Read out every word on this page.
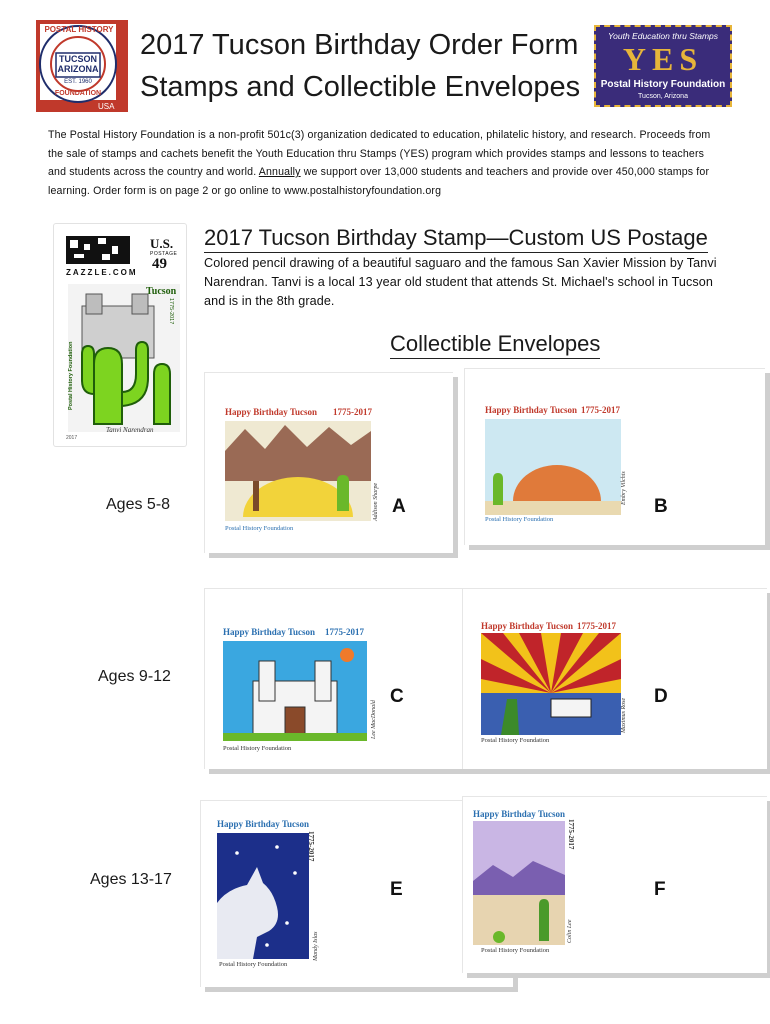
POSTAL HISTORY
TUCSON
ARIZONA
EST. 1960
FOUNDATION
USA
2017 Tucson Birthday Order Form
Stamps and Collectible Envelopes
Youth Education thru Stamps
YES
Postal History Foundation
Tucson, Arizona
The Postal History Foundation is a non-profit 501c(3) organization dedicated to education, philatelic history, and research. Proceeds from the sale of stamps and cachets benefit the Youth Education thru Stamps (YES) program which provides stamps and lessons to teachers and students across the country and world. Annually we support over 13,000 students and teachers and provide over 450,000 stamps for learning. Order form is on page 2 or go online to www.postalhistoryfoundation.org
U.S.
POSTAGE
49
ZAZZLE.COM
Tucson
1775-2017
Postal History Foundation
Tanvi Narendran
2017
2017 Tucson Birthday Stamp—Custom US Postage
Colored pencil drawing of a beautiful saguaro and the famous San Xavier Mission by Tanvi Narendran. Tanvi is a local 13 year old student that attends St. Michael's school in Tucson and is in the 8th grade.
Collectible Envelopes
Ages 5-8
Ages 9-12
Ages 13-17
Happy Birthday Tucson 1775-2017
Addison Sharpe
Postal History Foundation
A
Happy Birthday Tucson 1775-2017
Embry Vilchis
Postal History Foundation
B
Happy Birthday Tucson 1775-2017
Lee MacDonald
Postal History Foundation
C
Happy Birthday Tucson 1775-2017
Maximus Rose
Postal History Foundation
D
Happy Birthday Tucson
1775-2017
Mandy Islas
Postal History Foundation
E
Happy Birthday Tucson
1775-2017
Colin Lee
Postal History Foundation
F
